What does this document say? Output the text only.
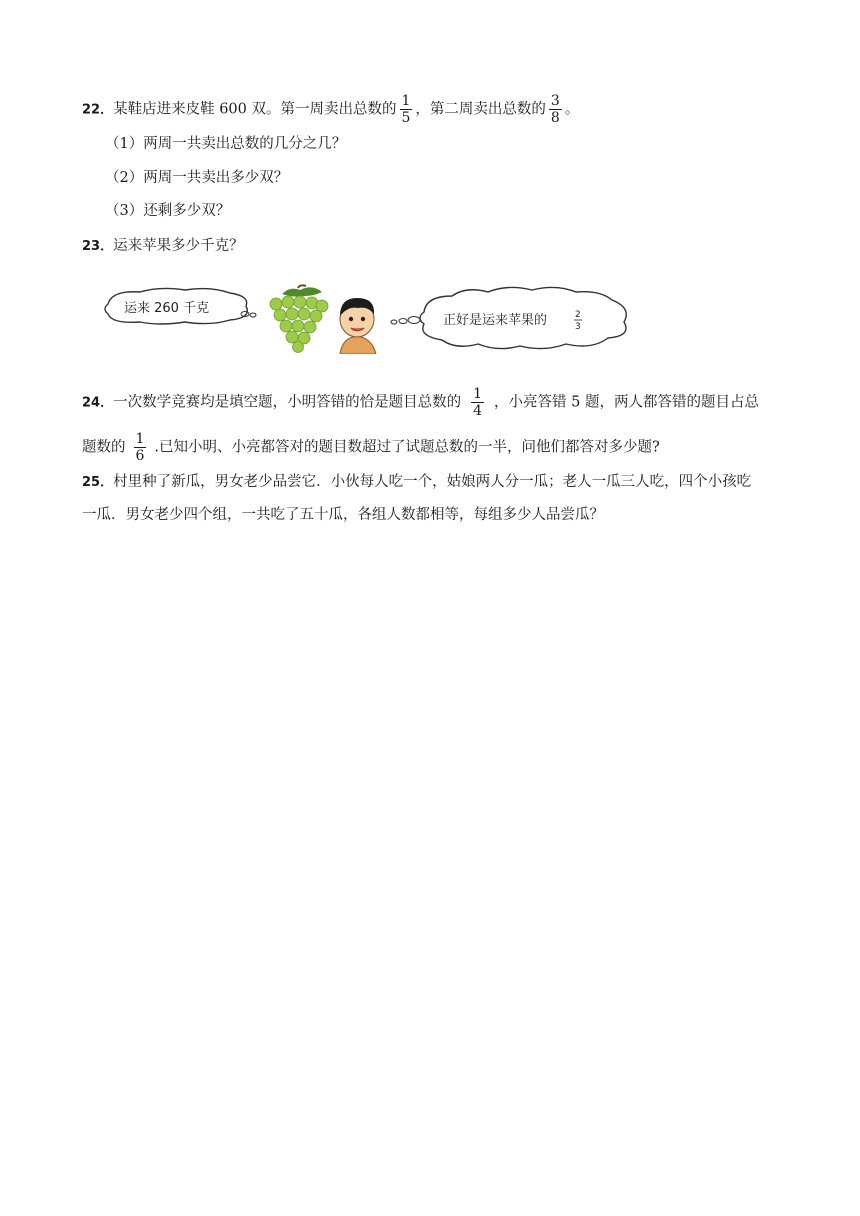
22．某鞋店进来皮鞋 600 双。第一周卖出总数的 $\frac{1}{5}$ ，第二周卖出总数的 $\frac{3}{8}$ 。
（1）两周一共卖出总数的几分之几？
（2）两周一共卖出多少双？
（3）还剩多少双？
23．运来苹果多少千克？
运来 260 千克
正好是运来苹果的	2
3
24．一次数学竞赛均是填空题，小明答错的恰是题目总数的 $\frac{1}{4}$ ，小亮答错 5 题，两人都答错的题目占总
题数的 $\frac{1}{6}$ .已知小明、小亮都答对的题目数超过了试题总数的一半，问他们都答对多少题?
25．村里种了新瓜，男女老少品尝它．小伙每人吃一个，姑娘两人分一瓜；老人一瓜三人吃，四个小孩吃
一瓜．男女老少四个组，一共吃了五十瓜，各组人数都相等，每组多少人品尝瓜？
